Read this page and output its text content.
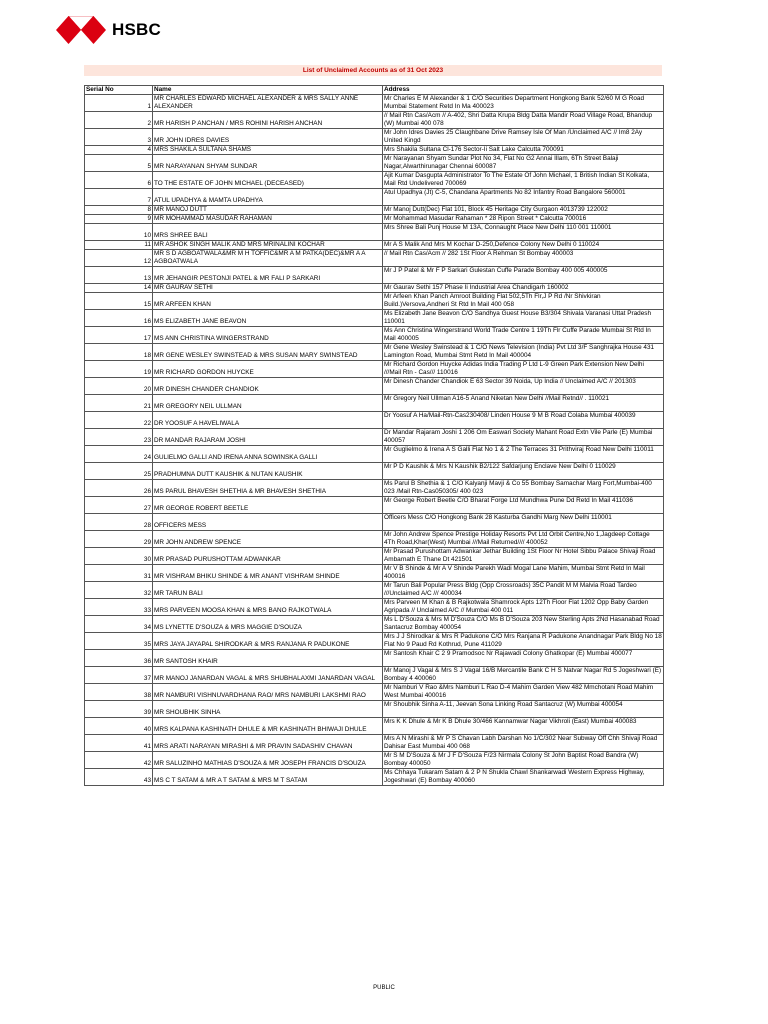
HSBC
List of Unclaimed Accounts as of 31 Oct 2023
Serial No	Name	Address
1	MR CHARLES EDWARD MICHAEL ALEXANDER & MRS SALLY ANNE ALEXANDER	Mr Charles E M Alexander & 1 C/O Securities Department Hongkong Bank 52/60 M G Road Mumbai Statement Retd In Ma 400023
2	MR HARISH P ANCHAN / MRS ROHINI HARISH ANCHAN	// Mail Rtn Cas/Acm // A-402, Shri Datta Krupa Bldg Datta Mandir Road Village Road, Bhandup (W) Mumbai 400 078
3	MR JOHN IDRES DAVIES	Mr John Idres Davies 25 Claughbane Drive Ramsey Isle Of Man /Unclaimed A/C // Im8 2Ay United Kingd
4	MRS SHAKILA SULTANA SHAMS	Mrs Shakila Sultana Cl-176 Sector-Ii Salt Lake Calcutta 700091
5	MR NARAYANAN SHYAM SUNDAR	Mr Narayanan Shyam Sundar Plot No 34, Flat No G2 Annai Illam, 6Th Street Balaji Nagar,Alwarthirunagar Chennai 600087
6	TO THE ESTATE OF JOHN MICHAEL (DECEASED)	Ajit Kumar Dasgupta Administrator To The Estate Of John Michael, 1 British Indian St Kolkata, Mail Rtd Undelivered 700069
7	ATUL UPADHYA & MAMTA UPADHYA	Atul Upadhya (Jt) C-5, Chandana Apartments No 82 Infantry Road Bangalore 560001
8	MR MANOJ DUTT	Mr Manoj Dutt(Dec) Flat 101, Block 45 Heritage City Gurgaon 4013739 122002
9	MR MOHAMMAD MASUDAR RAHAMAN	Mr Mohammad Masudar Rahaman * 28 Ripon Street * Calcutta 700016
10	MRS SHREE BALI	Mrs Shree Bali Punj House M 13A, Connaught Place New Delhi 110 001 110001
11	MR ASHOK SINGH MALIK AND MRS MRINALINI KOCHAR	Mr A S Malik And Mrs M Kochar D-250,Defence Colony New Delhi 0 110024
12	MR S D AGBOATWALA&MR M H TOFFIC&MR A M PATKA(DEC)&MR A A AGBOATWALA	// Mail Rtn Cas/Acm // 282 1St Floor A Rehman St Bombay 400003
13	MR JEHANGIR PESTONJI PATEL & MR FALI P SARKARI	Mr J P Patel & Mr F P Sarkari Gulestan Cuffe Parade Bombay 400 005 400005
14	MR GAURAV SETHI	Mr Gaurav Sethi 157 Phase Ii Industrial Area Chandigarh 160002
15	MR ARFEEN KHAN	Mr Arfeen Khan Panch Amroot Building Flat 502,5Th Flr,J P Rd /Nr Shivkiran Build.)Versova,Andheri St Rtd In Mail 400 058
16	MS ELIZABETH JANE BEAVON	Ms Elizabeth Jane Beavon C/O Sandhya Guest House B3/304 Shivala Varanasi Uttat Pradesh 110001
17	MS ANN CHRISTINA WINGERSTRAND	Ms Ann Christina Wingerstrand World Trade Centre 1 19Th Flr Cuffe Parade Mumbai St Rtd In Mail 400005
18	MR GENE WESLEY SWINSTEAD & MRS SUSAN MARY SWINSTEAD	Mr Gene Wesley Swinstead & 1 C/O News Television (India) Pvt Ltd 3/F Sanghrajka House 431 Lamington Road, Mumbai Stmt Retd In Mail 400004
19	MR RICHARD GORDON HUYCKE	Mr Richard Gordon Huycke Adidas India Trading P Ltd L-9 Green Park Extension New Delhi ///Mail Rtn - Cas/// 110016
20	MR DINESH CHANDER CHANDIOK	Mr Dinesh Chander Chandiok E 63 Sector 39 Noida, Up India // Unclaimed A/C // 201303
21	MR GREGORY NEIL ULLMAN	Mr Gregory Neil Ullman A16-5 Anand Niketan New Delhi //Mail Retnd// . 110021
22	DR YOOSUF A HAVELIWALA	Dr Yoosuf A Ha/Mail-Rtn-Cas230408/ Linden House 9 M B Road Colaba Mumbai 400039
23	DR MANDAR RAJARAM JOSHI	Dr Mandar Rajaram Joshi 1 206 Om Easwari Society Mahant Road Extn Vile Parle (E) Mumbai 400057
24	GULIELMO GALLI AND IRENA ANNA SOWINSKA GALLI	Mr Guglielmo & Irena A S Galli Flat No 1 & 2 The Terraces 31 Prithviraj Road New Delhi 110011
25	PRADHUMNA DUTT KAUSHIK & NUTAN KAUSHIK	Mr P D Kaushik & Mrs N Kaushik B2/122 Safdarjung Enclave New Delhi 0 110029
26	MS PARUL BHAVESH SHETHIA & MR BHAVESH SHETHIA	Ms Parul B Shethia & 1 C/O Kalyanji Mavji & Co 55 Bombay Samachar Marg Fort,Mumbai-400 023 /Mail Rtn-Cas050305/ 400 023
27	MR GEORGE ROBERT BEETLE	Mr George Robert Beetle C/O Bharat Forge Ltd Mundhwa Pune Dd Retd In Mail 411036
28	OFFICERS MESS	Officers Mess C/O Hongkong Bank 28 Kasturba Gandhi Marg New Delhi 110001
29	MR JOHN ANDREW SPENCE	Mr John Andrew Spence Prestige Holiday Resorts Pvt Ltd Orbit Centre,No 1,Jagdeep Cottage 4Th Road,Khar(West) Mumbai ///Mail Returned//// 400052
30	MR PRASAD PURUSHOTTAM ADWANKAR	Mr Prasad Purushottam Adwankar Jethar Building 1St Floor Nr Hotel Sibbu Palace Shivaji Road Ambarnath E Thane Dt 421501
31	MR VISHRAM BHIKU SHINDE & MR ANANT VISHRAM SHINDE	Mr V B Shinde & Mr A V Shinde Parekh Wadi Mogal Lane Mahim, Mumbai Stmt Retd In Mail 400016
32	MR TARUN BALI	Mr Tarun Bali Popular Press Bldg (Opp Crossroads) 35C Pandit M M Malvia Road Tardeo ///Unclaimed A/C /// 400034
33	MRS PARVEEN MOOSA KHAN & MRS BANO RAJKOTWALA	Mrs Parveen M Khan & B Rajkotwala Shamrock Apts 12Th Floor Flat 1202 Opp Baby Garden Agripada // Unclaimed A/C // Mumbai 400 011
34	MS LYNETTE D'SOUZA & MRS MAGGIE D'SOUZA	Ms L D'Souza & Mrs M D'Souza C/O Ms B D'Souza 203 New Sterling Apts 2Nd Hasanabad Road Santacruz Bombay 400054
35	MRS JAYA JAYAPAL SHIRODKAR & MRS RANJANA R PADUKONE	Mrs J J Shirodkar & Mrs R Padukone C/O Mrs Ranjana R Padukone Anandnagar Park Bldg No 18 Flat No 9 Paud Rd Kothrud, Pune 411029
36	MR SANTOSH KHAIR	Mr Santosh Khair C 2 9 Pramodsoc Nr Rajawadi Colony Ghatkopar (E) Mumbai 400077
37	MR MANOJ JANARDAN VAGAL & MRS SHUBHALAXMI JANARDAN VAGAL	Mr Manoj J Vagal & Mrs S J Vagal 16/B Mercantile Bank C H S Natvar Nagar Rd 5 Jogeshwari (E) Bombay 4 400060
38	MR NAMBURI VISHNUVARDHANA RAO/ MRS NAMBURI LAKSHMI RAO	Mr Namburi V Rao &Mrs Namburi L Rao D-4 Mahim Garden View 482 Mmchotani Road Mahim West Mumbai 400016
39	MR SHOUBHIK SINHA	Mr Shoubhik Sinha A-11, Jeevan Sona Linking Road Santacruz (W) Mumbai 400054
40	MRS KALPANA KASHINATH DHULE & MR KASHINATH BHIWAJI DHULE	Mrs K K Dhule & Mr K B Dhule 30/466 Kannamwar Nagar Vikhroli (East) Mumbai 400083
41	MRS ARATI NARAYAN MIRASHI & MR PRAVIN SADASHIV CHAVAN	Mrs A N Mirashi & Mr P S Chavan Labh Darshan No 1/C/302 Near Subway Off Chh Shivaji Road Dahisar East Mumbai 400 068
42	MR SALUZINHO MATHIAS D'SOUZA & MR JOSEPH FRANCIS D'SOUZA	Mr S M D'Souza & Mr J F D'Souza F/23 Nirmala Colony St John Baptist Road Bandra (W) Bombay 400050
43	MS C T SATAM & MR A T SATAM & MRS M T SATAM	Ms Chhaya Tukaram Satam & 2 P N Shukla Chawl Shankarwadi Western Express Highway, Jogeshwari (E) Bombay 400060
PUBLIC
